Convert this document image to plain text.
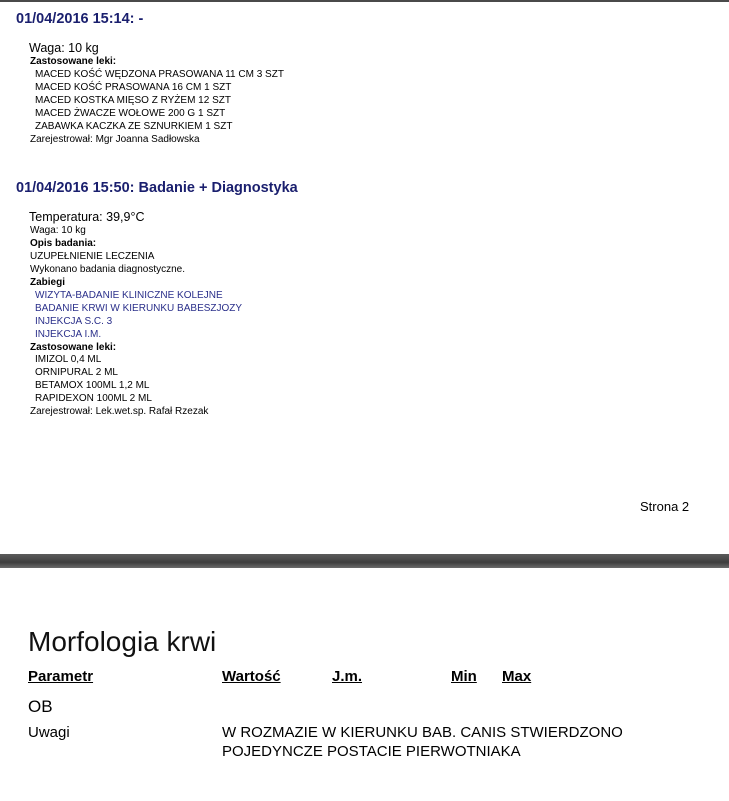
01/04/2016 15:14: -
Waga: 10 kg
Zastosowane leki:
MACED KOŚĆ WĘDZONA PRASOWANA 11 CM 3 SZT
MACED KOŚĆ PRASOWANA 16 CM 1 SZT
MACED KOSTKA MIĘSO Z RYŻEM 12 SZT
MACED ŻWACZE WOŁOWE 200 G 1 SZT
ZABAWKA KACZKA ZE SZNURKIEM 1 SZT
Zarejestrował: Mgr Joanna Sadłowska
01/04/2016 15:50: Badanie + Diagnostyka
Temperatura: 39,9°C
Waga: 10 kg
Opis badania:
UZUPEŁNIENIE LECZENIA
Wykonano badania diagnostyczne.
Zabiegi
WIZYTA-BADANIE KLINICZNE KOLEJNE
BADANIE KRWI W KIERUNKU BABESZJOZY
INJEKCJA S.C. 3
INJEKCJA I.M.
Zastosowane leki:
IMIZOL 0,4 ML
ORNIPURAL 2 ML
BETAMOX 100ML 1,2 ML
RAPIDEXON 100ML 2 ML
Zarejestrował: Lek.wet.sp. Rafał Rzezak
Strona 2
Morfologia krwi
Parametr	Wartość	J.m.	Min Max
OB
Uwagi	W ROZMAZIE W KIERUNKU BAB. CANIS STWIERDZONO
POJEDYNCZE POSTACIE PIERWOTNIAKA
